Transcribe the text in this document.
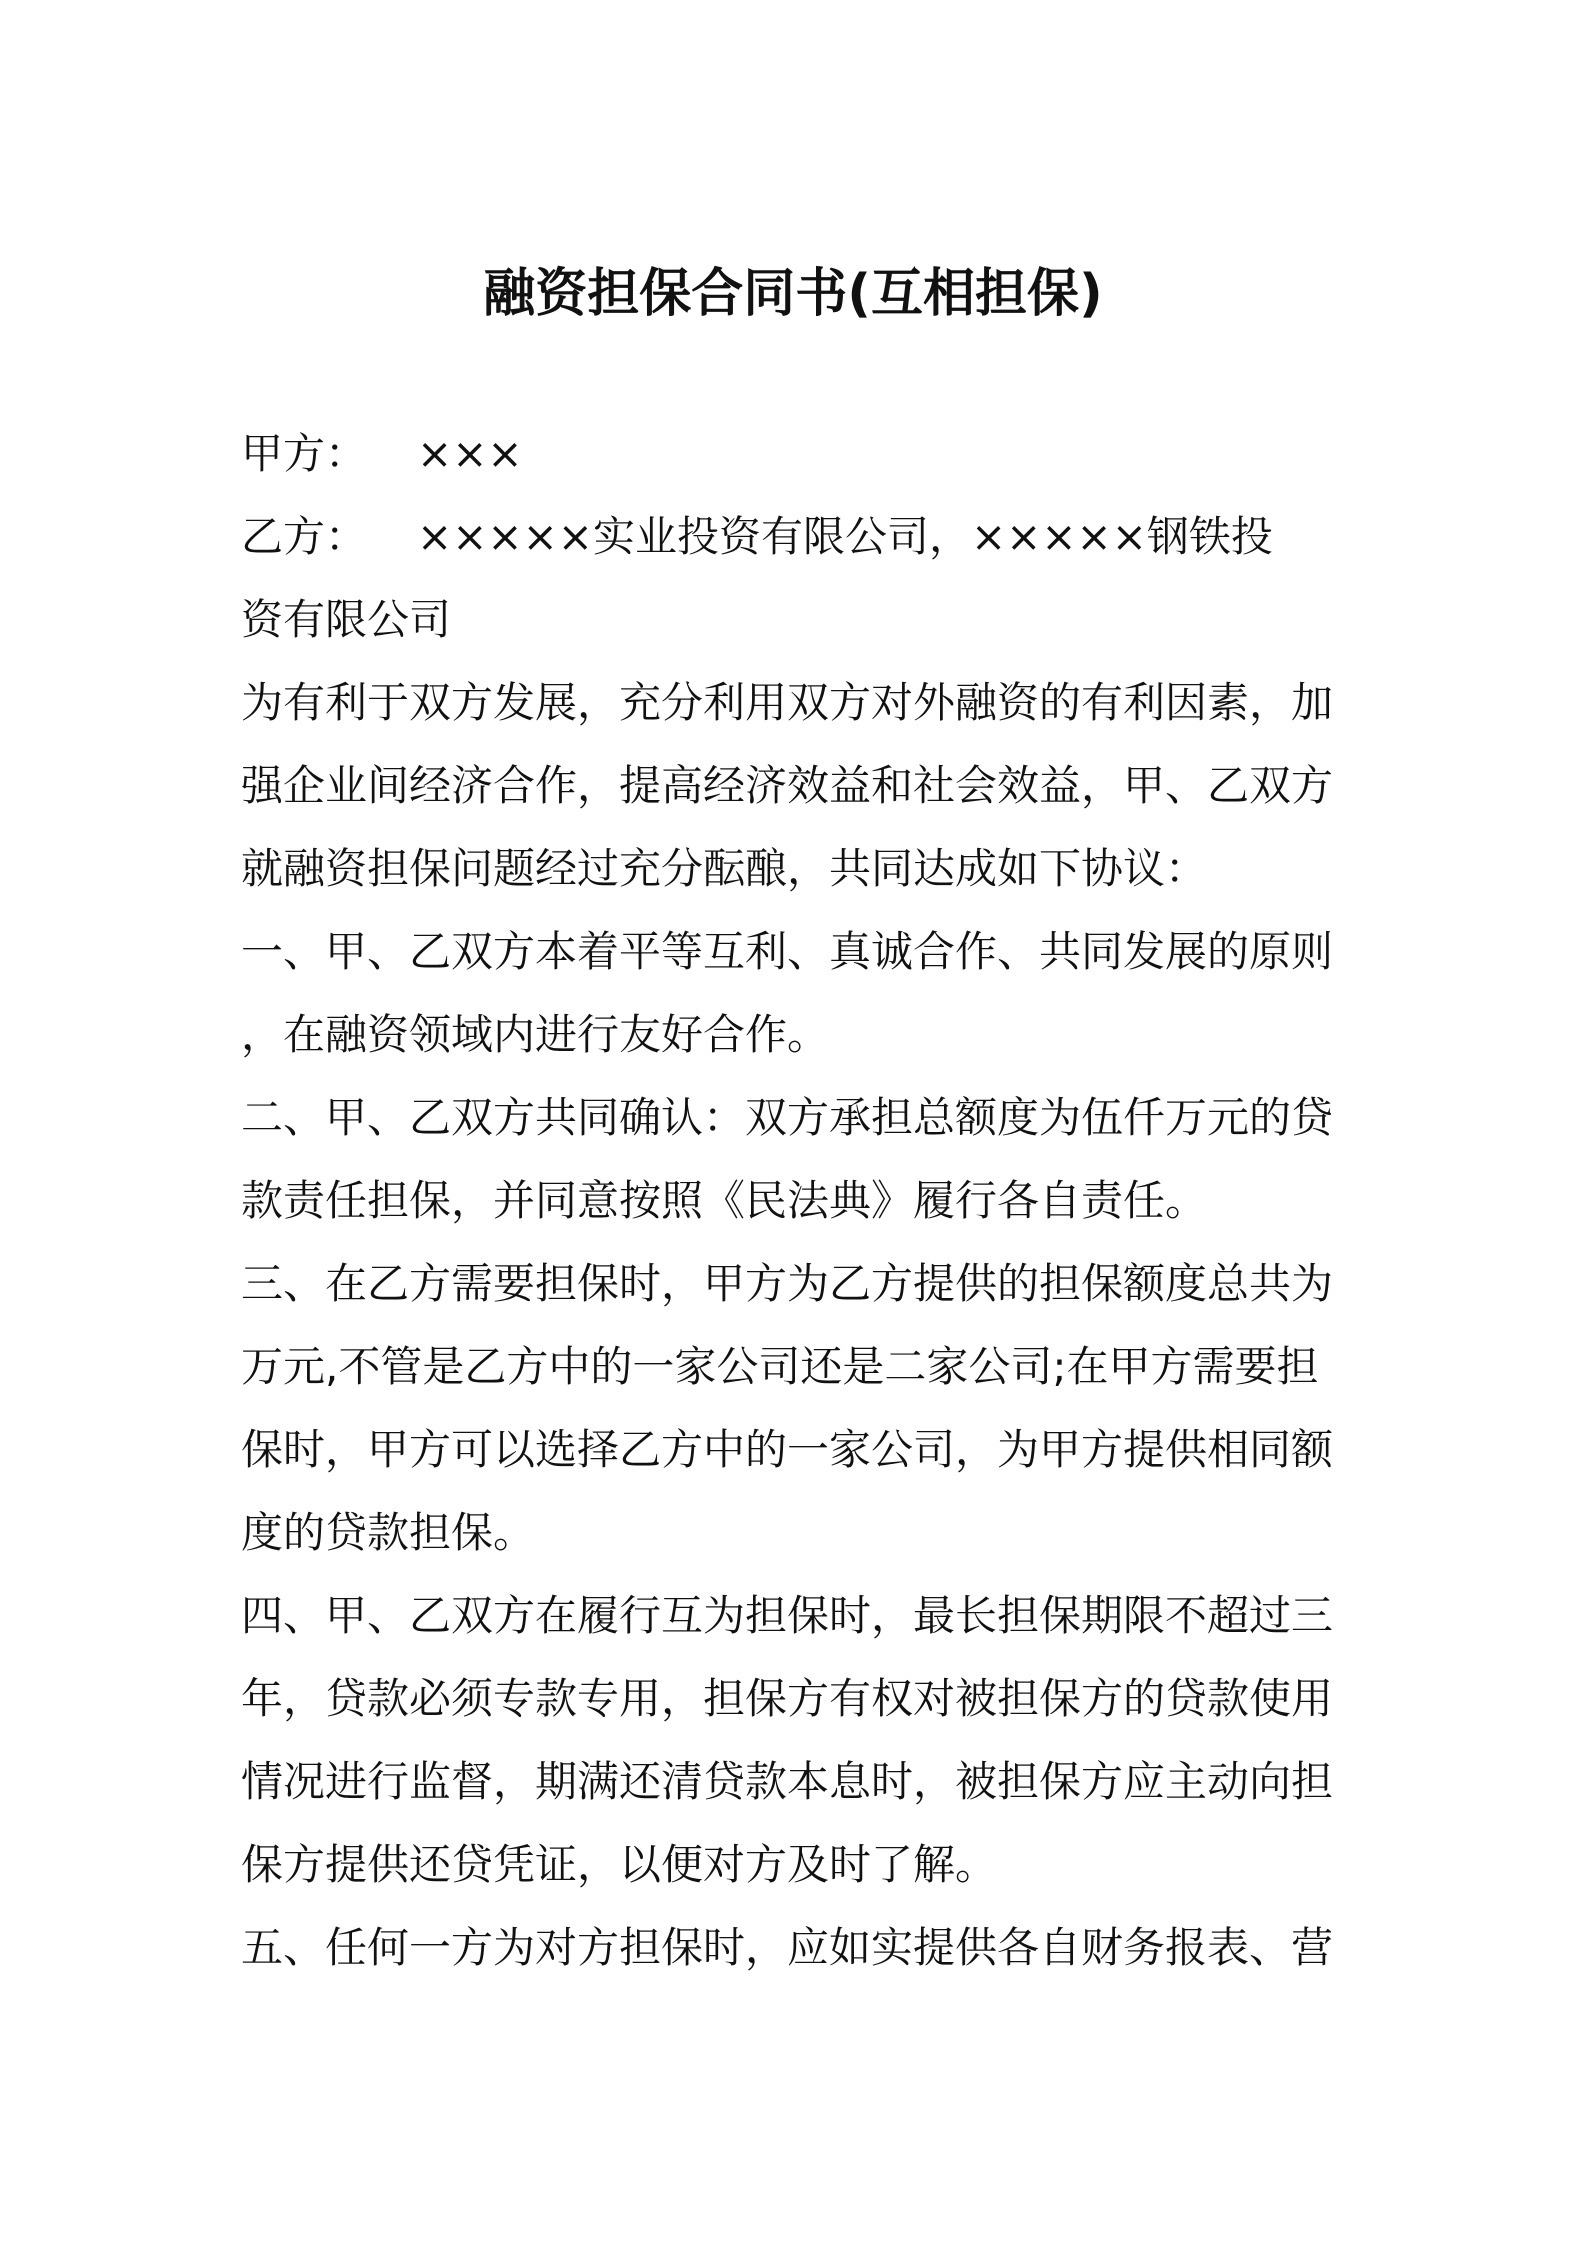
融资担保合同书(互相担保)
甲方： ×××
乙方： ×××××实业投资有限公司，×××××钢铁投
资有限公司
为有利于双方发展，充分利用双方对外融资的有利因素，加
强企业间经济合作，提高经济效益和社会效益，甲、乙双方
就融资担保问题经过充分酝酿，共同达成如下协议：
一、甲、乙双方本着平等互利、真诚合作、共同发展的原则
，在融资领域内进行友好合作。
二、甲、乙双方共同确认：双方承担总额度为伍仟万元的贷
款责任担保，并同意按照《民法典》履行各自责任。
三、在乙方需要担保时，甲方为乙方提供的担保额度总共为
万元,不管是乙方中的一家公司还是二家公司;在甲方需要担
保时，甲方可以选择乙方中的一家公司，为甲方提供相同额
度的贷款担保。
四、甲、乙双方在履行互为担保时，最长担保期限不超过三
年，贷款必须专款专用，担保方有权对被担保方的贷款使用
情况进行监督，期满还清贷款本息时，被担保方应主动向担
保方提供还贷凭证，以便对方及时了解。
五、任何一方为对方担保时，应如实提供各自财务报表、营
